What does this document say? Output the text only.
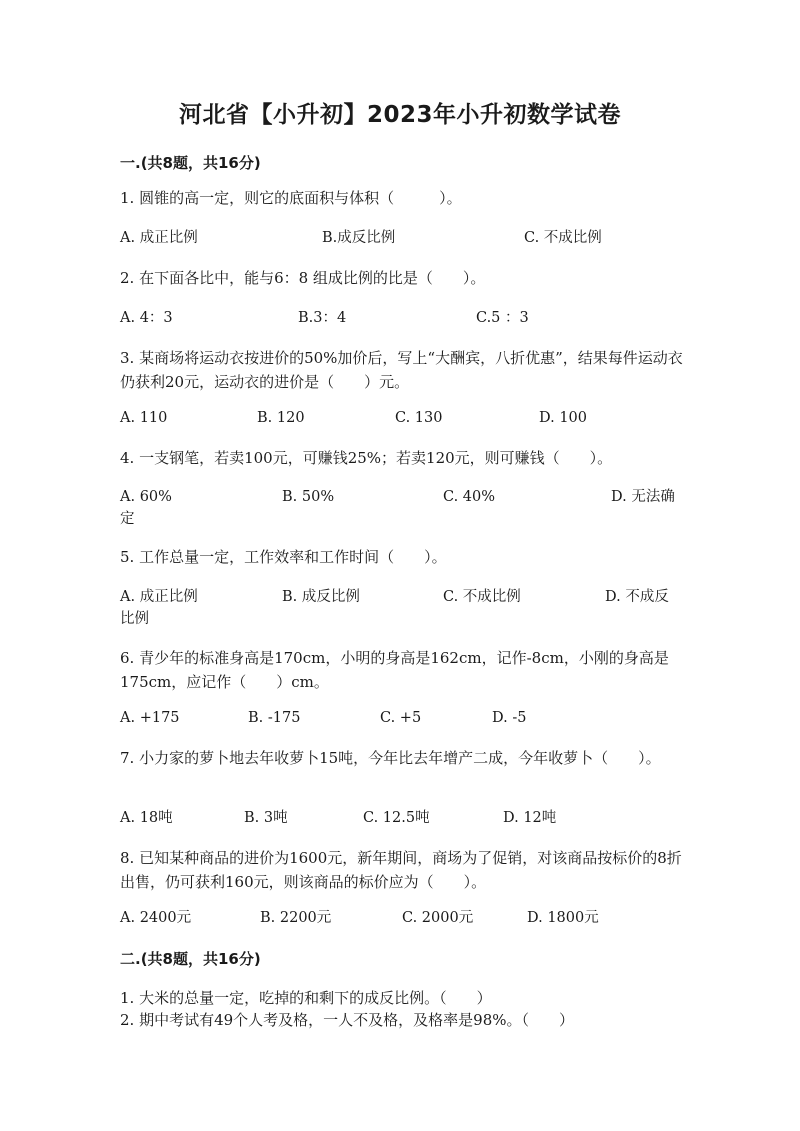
河北省【小升初】2023年小升初数学试卷
一.(共8题，共16分)
1. 圆锥的高一定，则它的底面积与体积（　　　）。
A. 成正比例	B.成反比例	C. 不成比例
2. 在下面各比中，能与6：8 组成比例的比是（　　）。
A. 4：3	B.3：4	C.5 ：3
3. 某商场将运动衣按进价的50%加价后，写上“大酬宾，八折优惠”，结果每件运动衣仍获利20元，运动衣的进价是（　　）元。
A. 110	B. 120	C. 130	D. 100
4. 一支钢笔，若卖100元，可赚钱25%；若卖120元，则可赚钱（　　）。
A. 60%	B. 50%	C. 40%	D. 无法确
定
5. 工作总量一定，工作效率和工作时间（　　）。
A. 成正比例	B. 成反比例	C. 不成比例	D. 不成反
比例
6. 青少年的标准身高是170cm，小明的身高是162cm，记作-8cm，小刚的身高是175cm，应记作（　　）cm。
A. +175	B. -175	C. +5	D. -5
7. 小力家的萝卜地去年收萝卜15吨，今年比去年增产二成，今年收萝卜（　　）。
A. 18吨	B. 3吨	C. 12.5吨	D. 12吨
8. 已知某种商品的进价为1600元，新年期间，商场为了促销，对该商品按标价的8折出售，仍可获利160元，则该商品的标价应为（　　）。
A. 2400元	B. 2200元	C. 2000元	D. 1800元
二.(共8题，共16分)
1. 大米的总量一定，吃掉的和剩下的成反比例。（　　）
2. 期中考试有49个人考及格，一人不及格，及格率是98%。（　　）
